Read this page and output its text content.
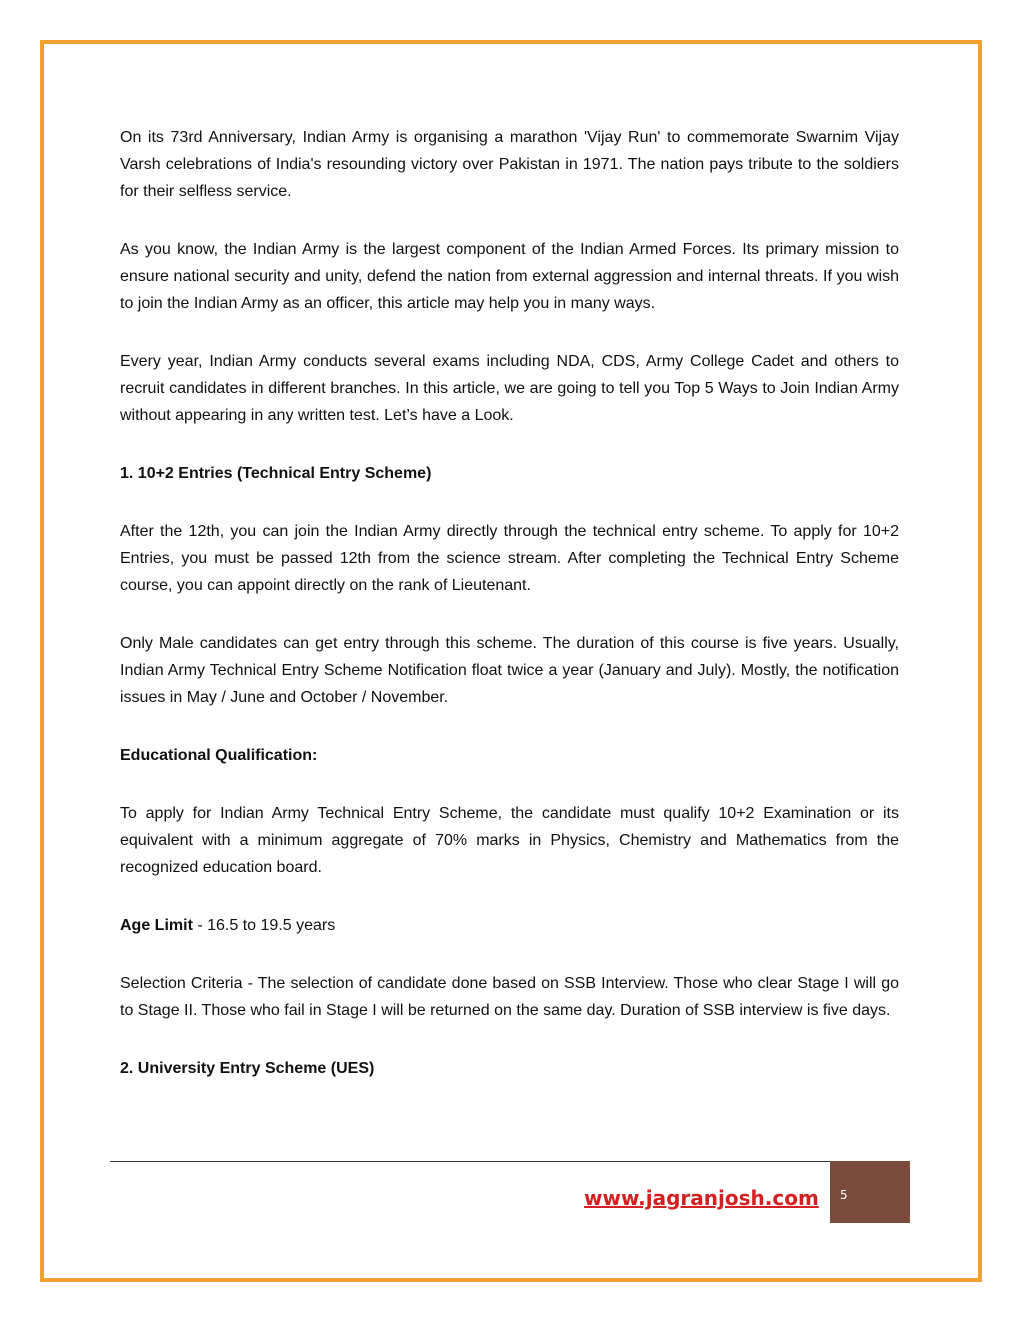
On its 73rd Anniversary, Indian Army is organising a marathon 'Vijay Run' to commemorate Swarnim Vijay Varsh celebrations of India's resounding victory over Pakistan in 1971. The nation pays tribute to the soldiers for their selfless service.

As you know, the Indian Army is the largest component of the Indian Armed Forces. Its primary mission to ensure national security and unity, defend the nation from external aggression and internal threats. If you wish to join the Indian Army as an officer, this article may help you in many ways.

Every year, Indian Army conducts several exams including NDA, CDS, Army College Cadet and others to recruit candidates in different branches. In this article, we are going to tell you Top 5 Ways to Join Indian Army without appearing in any written test. Let’s have a Look.

1. 10+2 Entries (Technical Entry Scheme)

After the 12th, you can join the Indian Army directly through the technical entry scheme. To apply for 10+2 Entries, you must be passed 12th from the science stream. After completing the Technical Entry Scheme course, you can appoint directly on the rank of Lieutenant.

Only Male candidates can get entry through this scheme. The duration of this course is five years. Usually, Indian Army Technical Entry Scheme Notification float twice a year (January and July). Mostly, the notification issues in May / June and October / November.

Educational Qualification:

To apply for Indian Army Technical Entry Scheme, the candidate must qualify 10+2 Examination or its equivalent with a minimum aggregate of 70% marks in Physics, Chemistry and Mathematics from the recognized education board.

Age Limit - 16.5 to 19.5 years

Selection Criteria - The selection of candidate done based on SSB Interview. Those who clear Stage I will go to Stage II. Those who fail in Stage I will be returned on the same day. Duration of SSB interview is five days.

2. University Entry Scheme (UES)

www.jagranjosh.com	5
